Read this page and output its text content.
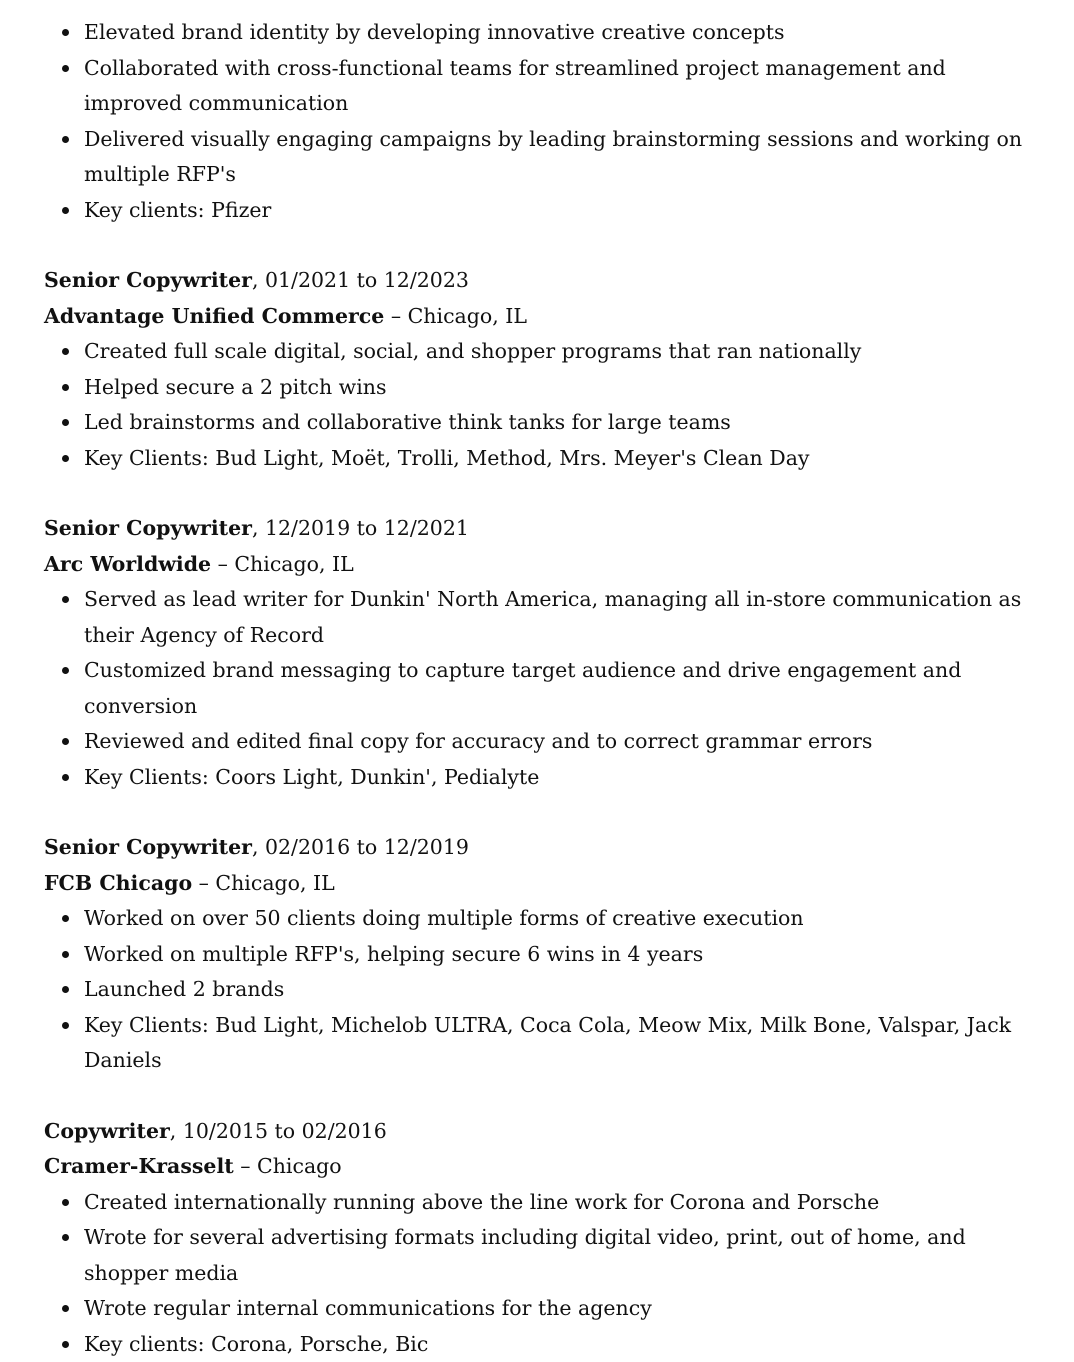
Elevated brand identity by developing innovative creative concepts
Collaborated with cross-functional teams for streamlined project management and improved communication
Delivered visually engaging campaigns by leading brainstorming sessions and working on multiple RFP's
Key clients: Pfizer

Senior Copywriter, 01/2021 to 12/2023

Advantage Unified Commerce – Chicago, IL

Created full scale digital, social, and shopper programs that ran nationally
Helped secure a 2 pitch wins
Led brainstorms and collaborative think tanks for large teams
Key Clients: Bud Light, Moët, Trolli, Method, Mrs. Meyer's Clean Day

Senior Copywriter, 12/2019 to 12/2021

Arc Worldwide – Chicago, IL

Served as lead writer for Dunkin' North America, managing all in-store communication as their Agency of Record
Customized brand messaging to capture target audience and drive engagement and conversion
Reviewed and edited final copy for accuracy and to correct grammar errors
Key Clients: Coors Light, Dunkin', Pedialyte

Senior Copywriter, 02/2016 to 12/2019

FCB Chicago – Chicago, IL

Worked on over 50 clients doing multiple forms of creative execution
Worked on multiple RFP's, helping secure 6 wins in 4 years
Launched 2 brands
Key Clients: Bud Light, Michelob ULTRA, Coca Cola, Meow Mix, Milk Bone, Valspar, Jack Daniels

Copywriter, 10/2015 to 02/2016

Cramer-Krasselt – Chicago

Created internationally running above the line work for Corona and Porsche
Wrote for several advertising formats including digital video, print, out of home, and shopper media
Wrote regular internal communications for the agency
Key clients: Corona, Porsche, Bic
